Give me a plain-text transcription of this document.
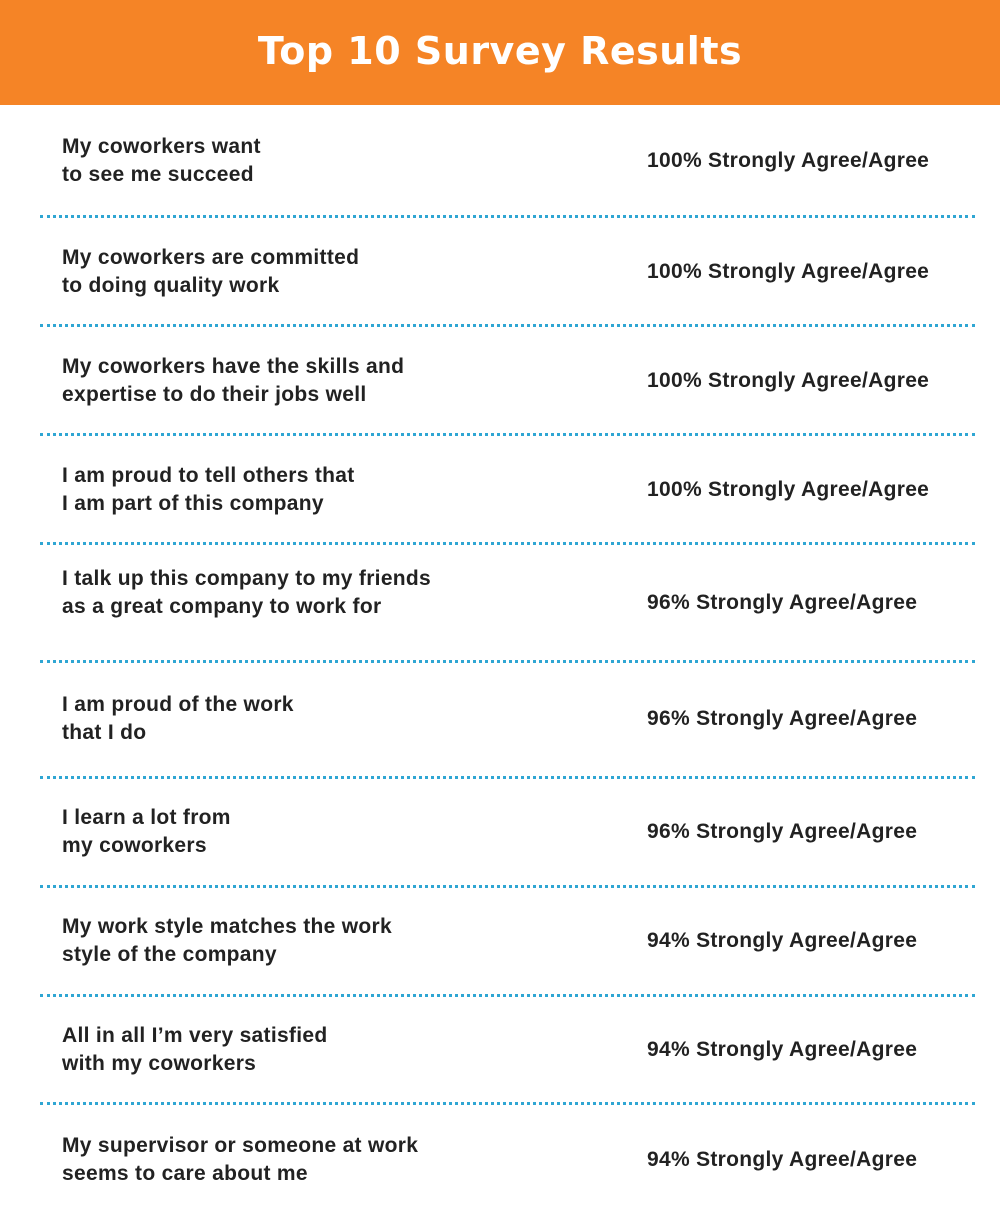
Top 10 Survey Results
My coworkers want
to see me succeed
100% Strongly Agree/Agree
My coworkers are committed
to doing quality work
100% Strongly Agree/Agree
My coworkers have the skills and
expertise to do their jobs well
100% Strongly Agree/Agree
I am proud to tell others that
I am part of this company
100% Strongly Agree/Agree
I talk up this company to my friends
as a great company to work for	96% Strongly Agree/Agree
I am proud of the work
that I do
96% Strongly Agree/Agree
I learn a lot from
my coworkers
96% Strongly Agree/Agree
My work style matches the work
style of the company
94% Strongly Agree/Agree
All in all I’m very satisfied
with my coworkers
94% Strongly Agree/Agree
My supervisor or someone at work
seems to care about me
94% Strongly Agree/Agree
